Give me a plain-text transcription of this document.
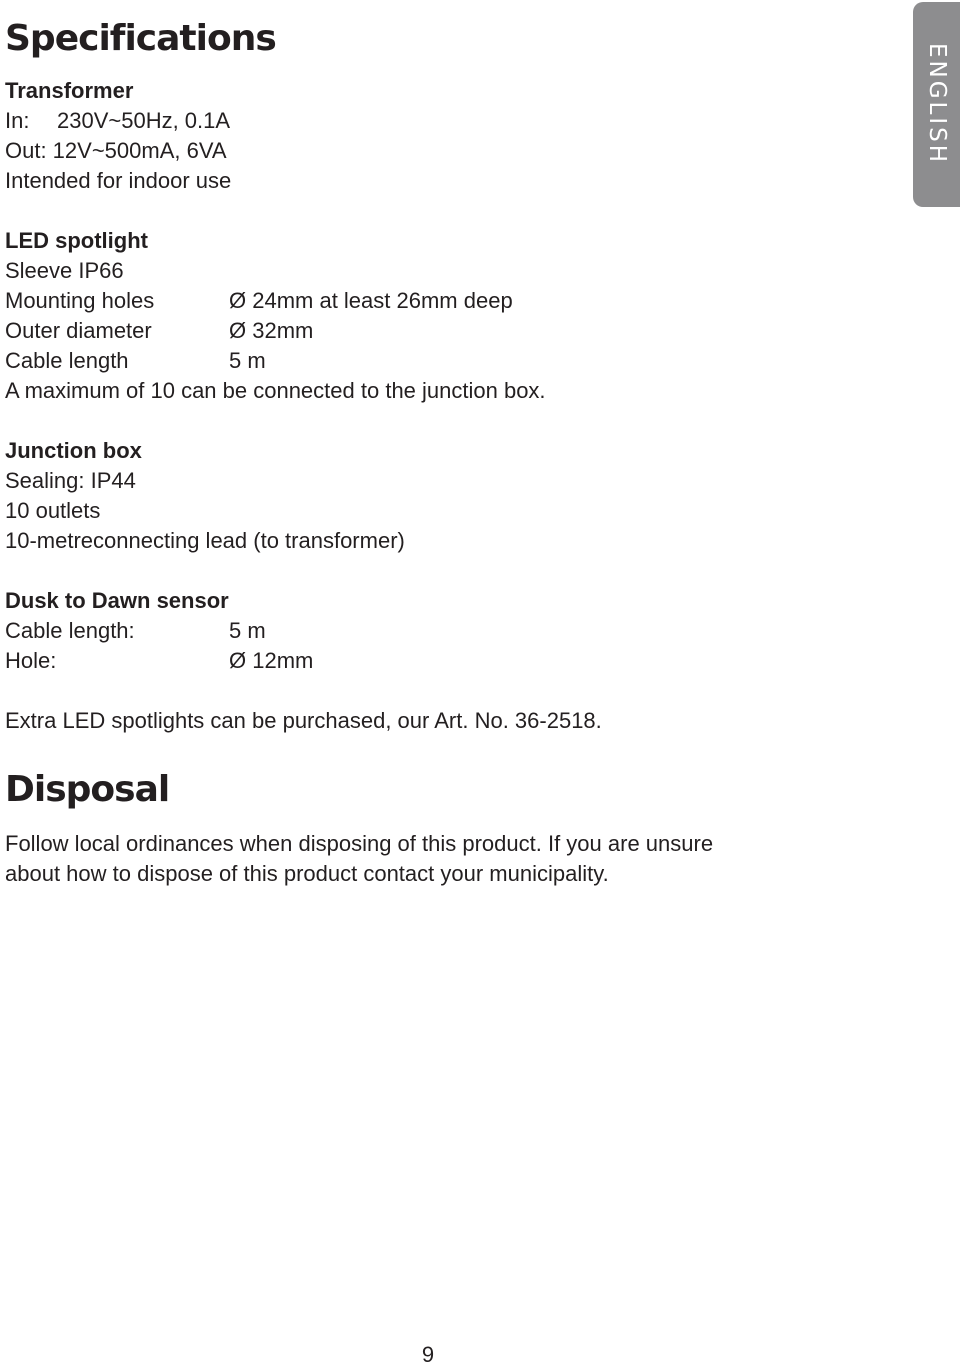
ENGLISH
Specifications
Transformer
In: 230V~50Hz, 0.1A
Out: 12V~500mA, 6VA
Intended for indoor use
LED spotlight
Sleeve IP66
Mounting holes	Ø 24mm at least 26mm deep
Outer diameter	Ø 32mm
Cable length	5 m
A maximum of 10 can be connected to the junction box.
Junction box
Sealing: IP44
10 outlets
10-metreconnecting lead (to transformer)
Dusk to Dawn sensor
Cable length:	5 m
Hole:	Ø 12mm
Extra LED spotlights can be purchased, our Art. No. 36-2518.
Disposal
Follow local ordinances when disposing of this product. If you are unsure
about how to dispose of this product contact your municipality.
9
